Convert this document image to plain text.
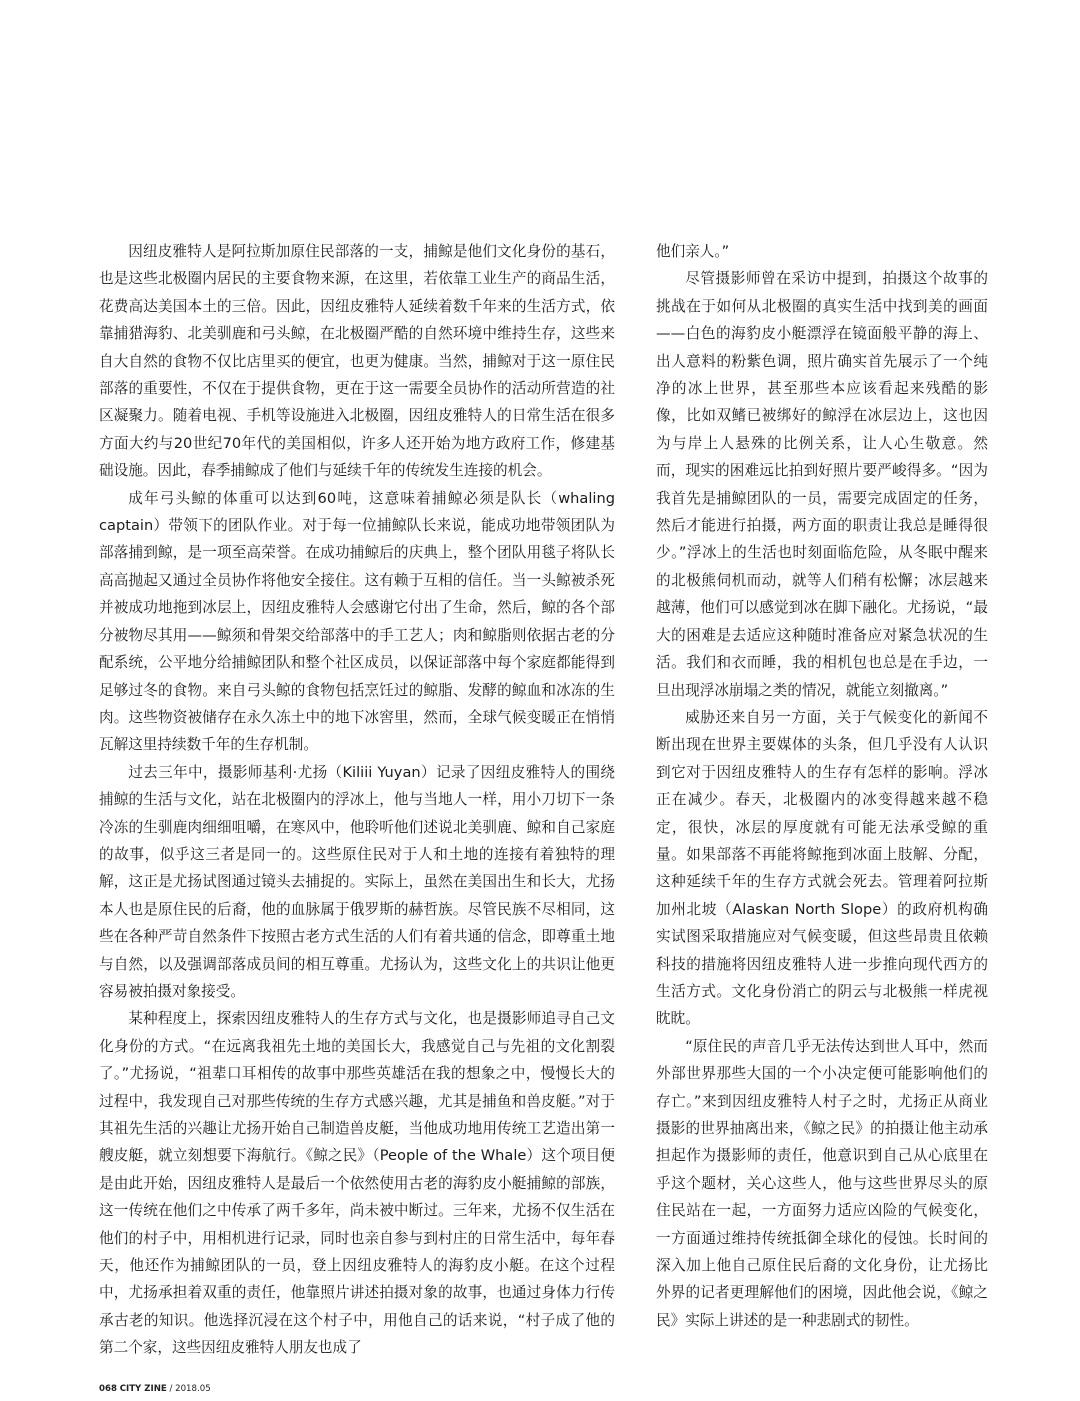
因纽皮雅特人是阿拉斯加原住民部落的一支，捕鲸是他们文化身份的基石，也是这些北极圈内居民的主要食物来源，在这里，若依靠工业生产的商品生活，花费高达美国本土的三倍。因此，因纽皮雅特人延续着数千年来的生活方式，依靠捕猎海豹、北美驯鹿和弓头鲸，在北极圈严酷的自然环境中维持生存，这些来自大自然的食物不仅比店里买的便宜，也更为健康。当然，捕鲸对于这一原住民部落的重要性，不仅在于提供食物，更在于这一需要全员协作的活动所营造的社区凝聚力。随着电视、手机等设施进入北极圈，因纽皮雅特人的日常生活在很多方面大约与20世纪70年代的美国相似，许多人还开始为地方政府工作，修建基础设施。因此，春季捕鲸成了他们与延续千年的传统发生连接的机会。

成年弓头鲸的体重可以达到60吨，这意味着捕鲸必须是队长（whaling captain）带领下的团队作业。对于每一位捕鲸队长来说，能成功地带领团队为部落捕到鲸，是一项至高荣誉。在成功捕鲸后的庆典上，整个团队用毯子将队长高高抛起又通过全员协作将他安全接住。这有赖于互相的信任。当一头鲸被杀死并被成功地拖到冰层上，因纽皮雅特人会感谢它付出了生命，然后，鲸的各个部分被物尽其用——鲸须和骨架交给部落中的手工艺人；肉和鲸脂则依据古老的分配系统，公平地分给捕鲸团队和整个社区成员，以保证部落中每个家庭都能得到足够过冬的食物。来自弓头鲸的食物包括烹饪过的鲸脂、发酵的鲸血和冰冻的生肉。这些物资被储存在永久冻土中的地下冰窖里，然而，全球气候变暖正在悄悄瓦解这里持续数千年的生存机制。

过去三年中，摄影师基利·尤扬（Kiliii Yuyan）记录了因纽皮雅特人的围绕捕鲸的生活与文化，站在北极圈内的浮冰上，他与当地人一样，用小刀切下一条冷冻的生驯鹿肉细细咀嚼，在寒风中，他聆听他们述说北美驯鹿、鲸和自己家庭的故事，似乎这三者是同一的。这些原住民对于人和土地的连接有着独特的理解，这正是尤扬试图通过镜头去捕捉的。实际上，虽然在美国出生和长大，尤扬本人也是原住民的后裔，他的血脉属于俄罗斯的赫哲族。尽管民族不尽相同，这些在各种严苛自然条件下按照古老方式生活的人们有着共通的信念，即尊重土地与自然，以及强调部落成员间的相互尊重。尤扬认为，这些文化上的共识让他更容易被拍摄对象接受。

某种程度上，探索因纽皮雅特人的生存方式与文化，也是摄影师追寻自己文化身份的方式。“在远离我祖先土地的美国长大，我感觉自己与先祖的文化割裂了。”尤扬说，“祖辈口耳相传的故事中那些英雄活在我的想象之中，慢慢长大的过程中，我发现自己对那些传统的生存方式感兴趣，尤其是捕鱼和兽皮艇。”对于其祖先生活的兴趣让尤扬开始自己制造兽皮艇，当他成功地用传统工艺造出第一艘皮艇，就立刻想要下海航行。《鲸之民》（People of the Whale）这个项目便是由此开始，因纽皮雅特人是最后一个依然使用古老的海豹皮小艇捕鲸的部族，这一传统在他们之中传承了两千多年，尚未被中断过。三年来，尤扬不仅生活在他们的村子中，用相机进行记录，同时也亲自参与到村庄的日常生活中，每年春天，他还作为捕鲸团队的一员，登上因纽皮雅特人的海豹皮小艇。在这个过程中，尤扬承担着双重的责任，他靠照片讲述拍摄对象的故事，也通过身体力行传承古老的知识。他选择沉浸在这个村子中，用他自己的话来说，“村子成了他的第二个家，这些因纽皮雅特人朋友也成了

他们亲人。”

尽管摄影师曾在采访中提到，拍摄这个故事的挑战在于如何从北极圈的真实生活中找到美的画面——白色的海豹皮小艇漂浮在镜面般平静的海上、出人意料的粉紫色调，照片确实首先展示了一个纯净的冰上世界，甚至那些本应该看起来残酷的影像，比如双鳍已被绑好的鲸浮在冰层边上，这也因为与岸上人悬殊的比例关系，让人心生敬意。然而，现实的困难远比拍到好照片要严峻得多。“因为我首先是捕鲸团队的一员，需要完成固定的任务，然后才能进行拍摄，两方面的职责让我总是睡得很少。”浮冰上的生活也时刻面临危险，从冬眠中醒来的北极熊伺机而动，就等人们稍有松懈；冰层越来越薄，他们可以感觉到冰在脚下融化。尤扬说，“最大的困难是去适应这种随时准备应对紧急状况的生活。我们和衣而睡，我的相机包也总是在手边，一旦出现浮冰崩塌之类的情况，就能立刻撤离。”

威胁还来自另一方面，关于气候变化的新闻不断出现在世界主要媒体的头条，但几乎没有人认识到它对于因纽皮雅特人的生存有怎样的影响。浮冰正在减少。春天，北极圈内的冰变得越来越不稳定，很快，冰层的厚度就有可能无法承受鲸的重量。如果部落不再能将鲸拖到冰面上肢解、分配，这种延续千年的生存方式就会死去。管理着阿拉斯加州北坡（Alaskan North Slope）的政府机构确实试图采取措施应对气候变暖，但这些昂贵且依赖科技的措施将因纽皮雅特人进一步推向现代西方的生活方式。文化身份消亡的阴云与北极熊一样虎视眈眈。

“原住民的声音几乎无法传达到世人耳中，然而外部世界那些大国的一个小决定便可能影响他们的存亡。”来到因纽皮雅特人村子之时，尤扬正从商业摄影的世界抽离出来，《鲸之民》的拍摄让他主动承担起作为摄影师的责任，他意识到自己从心底里在乎这个题材，关心这些人，他与这些世界尽头的原住民站在一起，一方面努力适应凶险的气候变化，一方面通过维持传统抵御全球化的侵蚀。长时间的深入加上他自己原住民后裔的文化身份，让尤扬比外界的记者更理解他们的困境，因此他会说，《鲸之民》实际上讲述的是一种悲剧式的韧性。

068 CITY ZINE / 2018.05
